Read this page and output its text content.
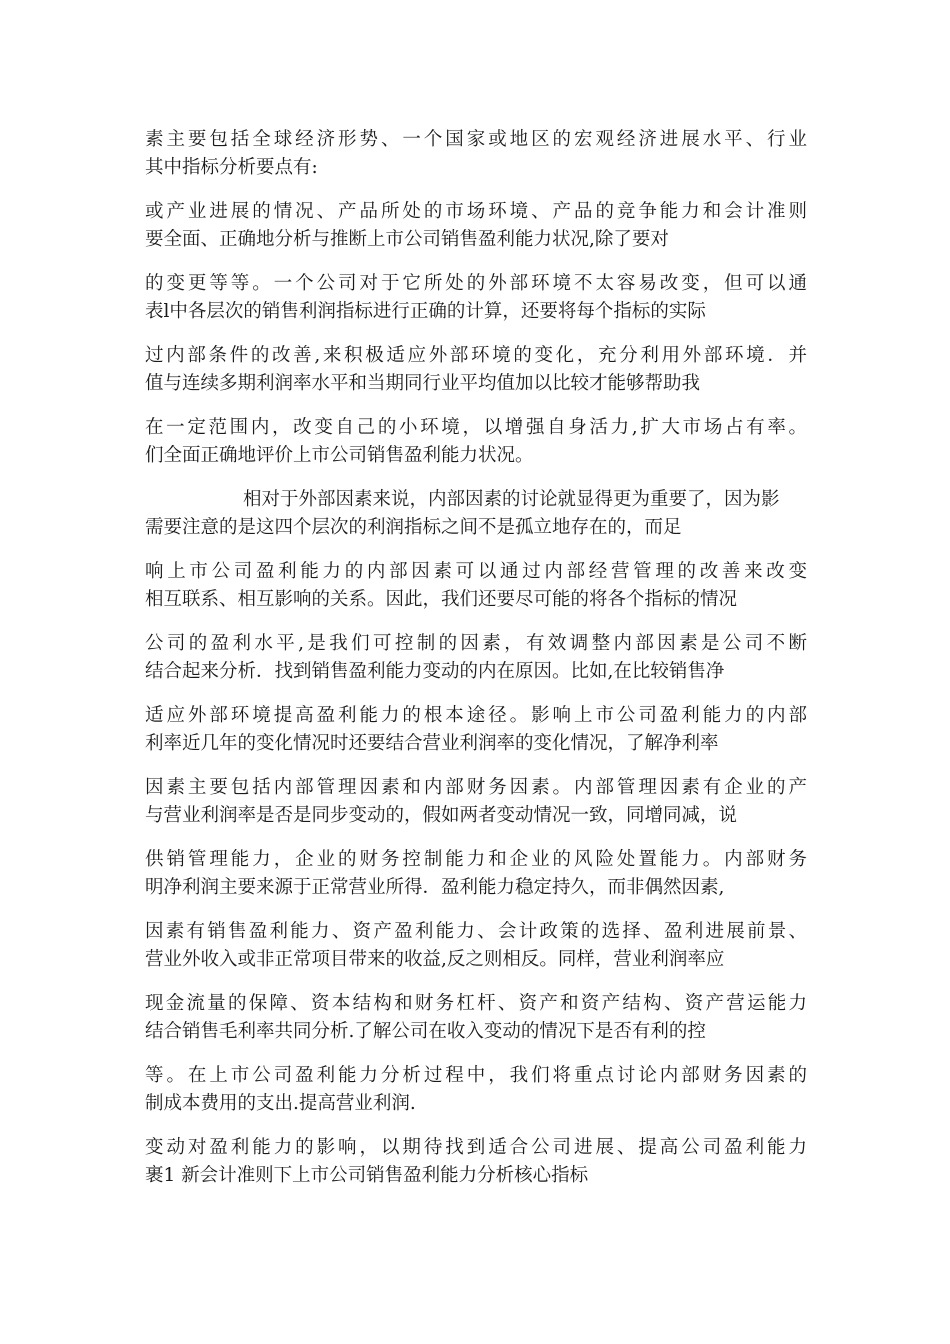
素主要包括全球经济形势、一个国家或地区的宏观经济进展水平、行业
其中指标分析要点有:
或产业进展的情况、产品所处的市场环境、产品的竞争能力和会计准则
要全面、正确地分析与推断上市公司销售盈利能力状况,除了要对
的变更等等。一个公司对于它所处的外部环境不太容易改变，但可以通
表l中各层次的销售利润指标进行正确的计算，还要将每个指标的实际
过内部条件的改善,来积极适应外部环境的变化，充分利用外部环境．并
值与连续多期利润率水平和当期同行业平均值加以比较才能够帮助我
在一定范围内，改变自己的小环境，以增强自身活力,扩大市场占有率。
们全面正确地评价上市公司销售盈利能力状况。
相对于外部因素来说，内部因素的讨论就显得更为重要了，因为影
需要注意的是这四个层次的利润指标之间不是孤立地存在的，而足
响上市公司盈利能力的内部因素可以通过内部经营管理的改善来改变
相互联系、相互影响的关系。因此，我们还要尽可能的将各个指标的情况
公司的盈利水平,是我们可控制的因素，有效调整内部因素是公司不断
结合起来分析．找到销售盈利能力变动的内在原因。比如,在比较销售净
适应外部环境提高盈利能力的根本途径。影响上市公司盈利能力的内部
利率近几年的变化情况时还要结合营业利润率的变化情况，了解净利率
因素主要包括内部管理因素和内部财务因素。内部管理因素有企业的产
与营业利润率是否是同步变动的，假如两者变动情况一致，同增同减，说
供销管理能力，企业的财务控制能力和企业的风险处置能力。内部财务
明净利润主要来源于正常营业所得．盈利能力稳定持久，而非偶然因素,
因素有销售盈利能力、资产盈利能力、会计政策的选择、盈利进展前景、
营业外收入或非正常项目带来的收益,反之则相反。同样，营业利润率应
现金流量的保障、资本结构和财务杠杆、资产和资产结构、资产营运能力
结合销售毛利率共同分析.了解公司在收入变动的情况下是否有利的控
等。在上市公司盈利能力分析过程中，我们将重点讨论内部财务因素的
制成本费用的支出.提高营业利润.
变动对盈利能力的影响，以期待找到适合公司进展、提高公司盈利能力
裹1 新会计准则下上市公司销售盈利能力分析核心指标
